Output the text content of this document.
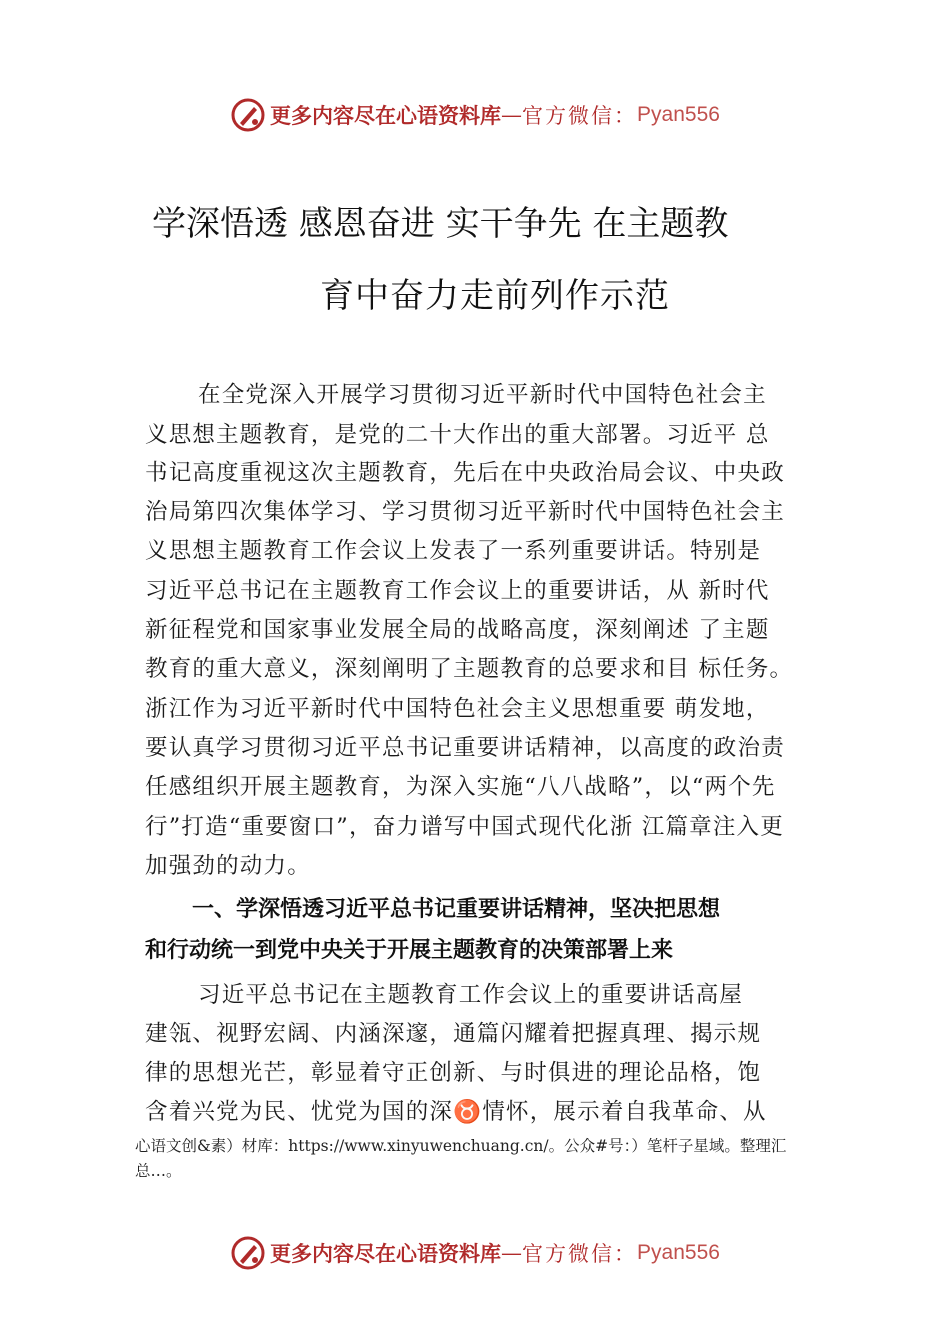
更多内容尽在心语资料库 — 官方微信： Pyan556
学深悟透 感恩奋进 实干争先 在主题教
育中奋力走前列作示范
在全党深入开展学习贯彻习近平新时代中国特色社会主
义思想主题教育，是党的二十大作出的重大部署。习近平 总
书记高度重视这次主题教育，先后在中央政治局会议、中央政
治局第四次集体学习、学习贯彻习近平新时代中国特色社会主
义思想主题教育工作会议上发表了一系列重要讲话。特别是
习近平总书记在主题教育工作会议上的重要讲话，从 新时代
新征程党和国家事业发展全局的战略高度，深刻阐述 了主题
教育的重大意义，深刻阐明了主题教育的总要求和目 标任务。
浙江作为习近平新时代中国特色社会主义思想重要 萌发地，
要认真学习贯彻习近平总书记重要讲话精神，以高度的政治责
任感组织开展主题教育，为深入实施“八八战略”，以“两个先
行”打造“重要窗口”，奋力谱写中国式现代化浙 江篇章注入更
加强劲的动力。
一、学深悟透习近平总书记重要讲话精神，坚决把思想
和行动统一到党中央关于开展主题教育的决策部署上来
习近平总书记在主题教育工作会议上的重要讲话高屋
建瓴、视野宏阔、内涵深邃，通篇闪耀着把握真理、揭示规
律的思想光芒，彰显着守正创新、与时俱进的理论品格，饱
含着兴党为民、忧党为国的深♉情怀，展示着自我革命、从
心语文创&素）材库：https://www.xinyuwenchuang.cn/。公众#号：）笔杆子星域。整理汇
总…。
更多内容尽在心语资料库 — 官方微信： Pyan556
